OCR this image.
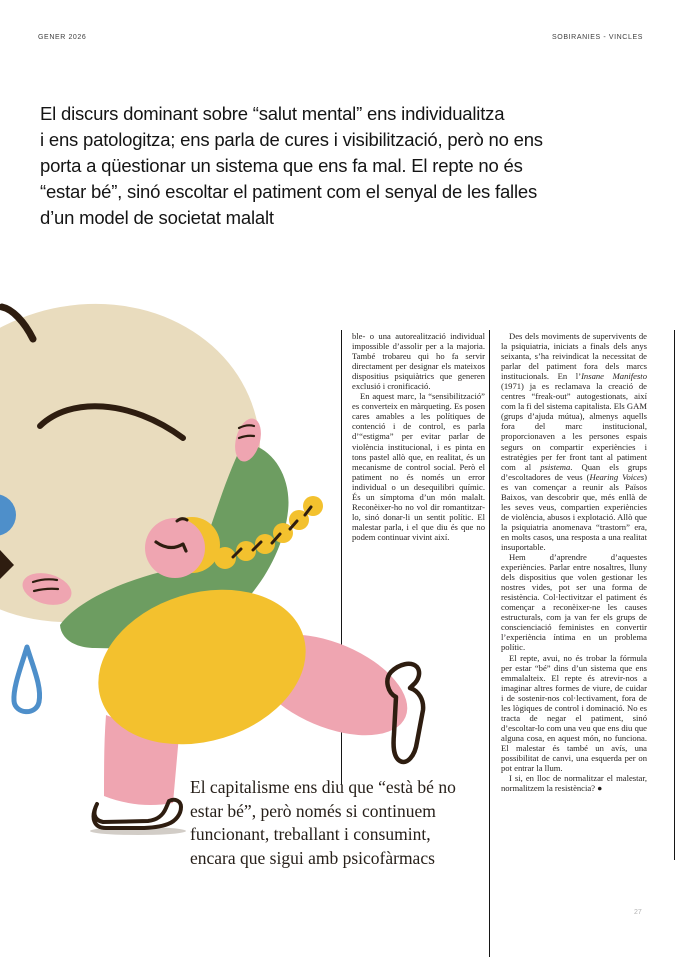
GENER 2026	SOBIRANIES - VINCLES
El discurs dominant sobre “salut mental” ens individualitza
i ens patologitza; ens parla de cures i visibilització, però no ens
porta a qüestionar un sistema que ens fa mal. El repte no és
“estar bé”, sinó escoltar el patiment com el senyal de les falles
d’un model de societat malalt

ble- o una autorealització individual impossible d’assolir per a la majoria. També trobareu qui ho fa servir directament per designar els mateixos dispositius psiquiàtrics que generen exclusió i cronificació.

En aquest marc, la “sensibilització” es converteix en màrqueting. Es posen cares amables a les polítiques de contenció i de control, es parla d’“estigma” per evitar parlar de violència institucional, i es pinta en tons pastel allò que, en realitat, és un mecanisme de control social. Però el patiment no és només un error individual o un desequilibri químic. És un símptoma d’un món malalt. Reconèixer-ho no vol dir romantitzar-lo, sinó donar-li un sentit polític. El malestar parla, i el que diu és que no podem continuar vivint així.

Des dels moviments de supervivents de la psiquiatria, iniciats a finals dels anys seixanta, s’ha reivindicat la necessitat de parlar del patiment fora dels marcs institucionals. En l’Insane Manifesto (1971) ja es reclamava la creació de centres “freak-out” autogestionats, així com la fi del sistema capitalista. Els GAM (grups d’ajuda mútua), almenys aquells fora del marc institucional, proporcionaven a les persones espais segurs on compartir experiències i estratègies per fer front tant al patiment com al psistema. Quan els grups d’escoltadores de veus (Hearing Voices) es van començar a reunir als Països Baixos, van descobrir que, més enllà de les seves veus, compartien experiències de violència, abusos i explotació. Allò que la psiquiatria anomenava “trastorn” era, en molts casos, una resposta a una realitat insuportable.

Hem d’aprendre d’aquestes experiències. Parlar entre nosaltres, lluny dels dispositius que volen gestionar les nostres vides, pot ser una forma de resistència. Col·lectivitzar el patiment és començar a reconèixer-ne les causes estructurals, com ja van fer els grups de conscienciació feministes en convertir l’experiència íntima en un problema polític.

El repte, avui, no és trobar la fórmula per estar “bé” dins d’un sistema que ens emmalalteix. El repte és atrevir-nos a imaginar altres formes de viure, de cuidar i de sostenir-nos col·lectivament, fora de les lògiques de control i dominació. No es tracta de negar el patiment, sinó d’escoltar-lo com una veu que ens diu que alguna cosa, en aquest món, no funciona. El malestar és també un avís, una possibilitat de canvi, una esquerda per on pot entrar la llum.

I si, en lloc de normalitzar el malestar, normalitzem la resistència? ●

El capitalisme ens diu que “està bé no
estar bé”, però només si continuem
funcionant, treballant i consumint,
encara que sigui amb psicofàrmacs
27
